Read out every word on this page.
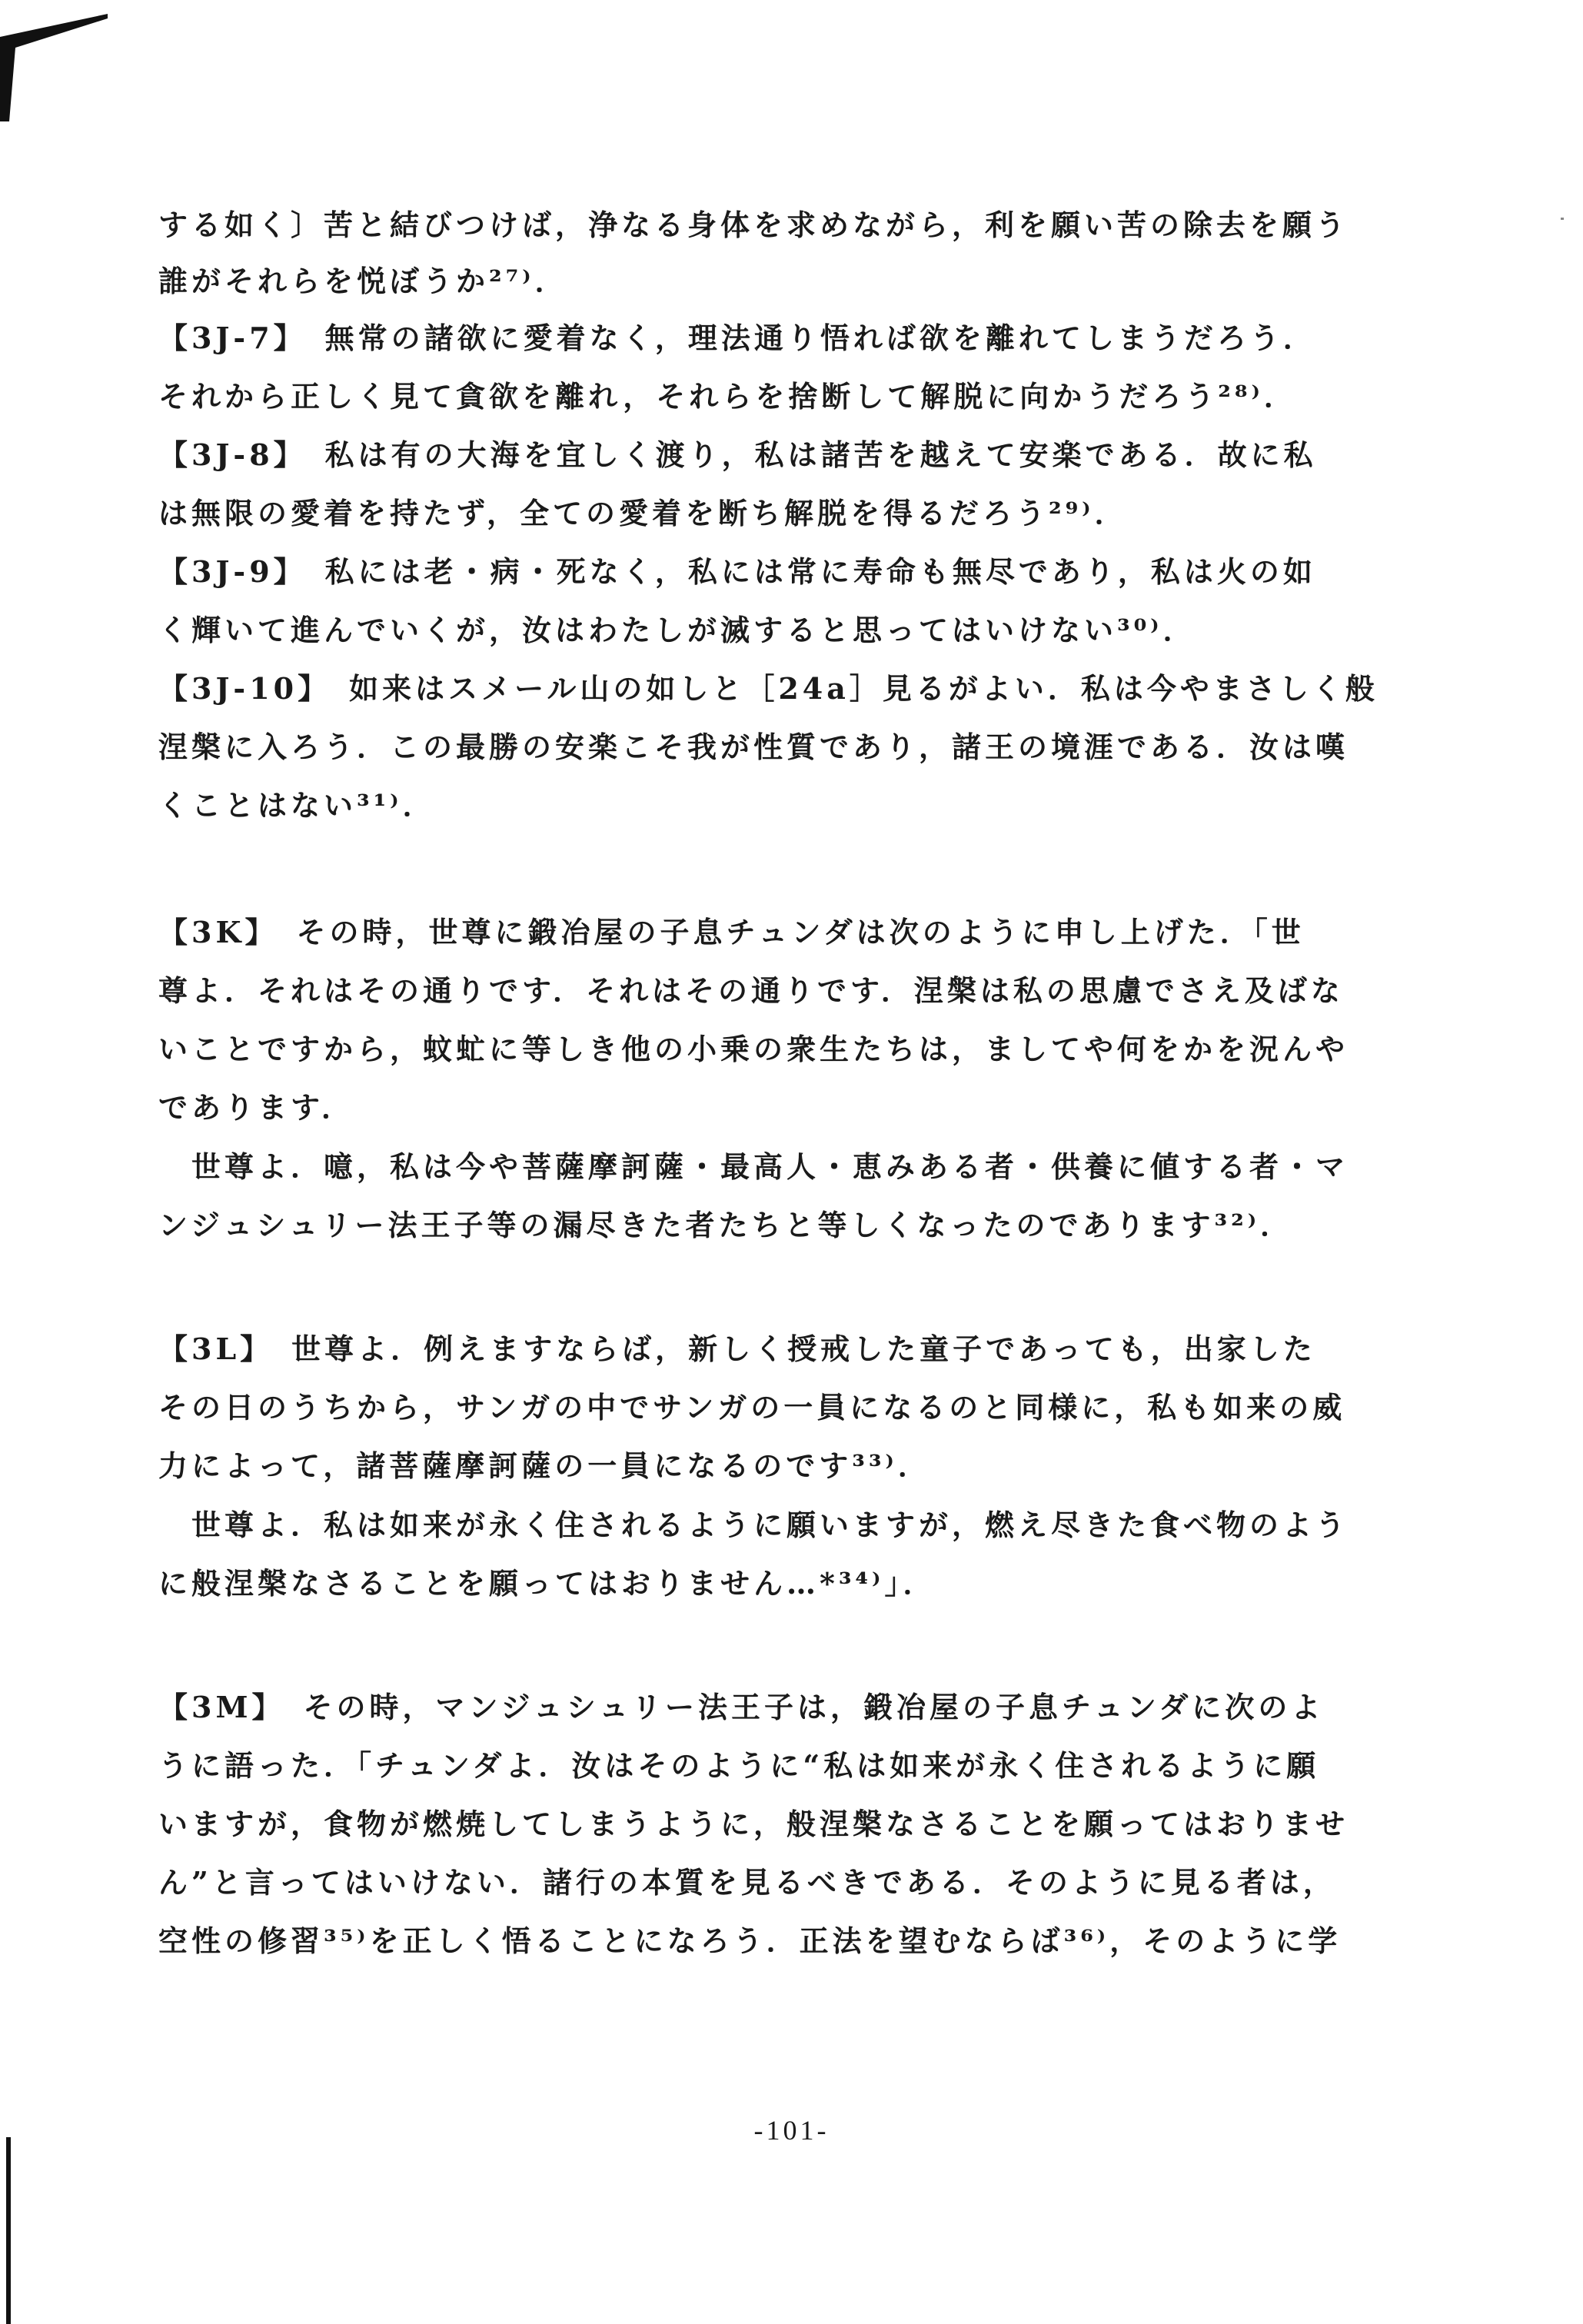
する如く〕苦と結びつけば，浄なる身体を求めながら，利を願い苦の除去を願う
誰がそれらを悦ぼうか²⁷⁾．
【3J-7】　無常の諸欲に愛着なく，理法通り悟れば欲を離れてしまうだろう．
それから正しく見て貪欲を離れ，それらを捨断して解脱に向かうだろう²⁸⁾．
【3J-8】　私は有の大海を宜しく渡り，私は諸苦を越えて安楽である．故に私
は無限の愛着を持たず，全ての愛着を断ち解脱を得るだろう²⁹⁾．
【3J-9】　私には老・病・死なく，私には常に寿命も無尽であり，私は火の如
く輝いて進んでいくが，汝はわたしが滅すると思ってはいけない³⁰⁾．
【3J-10】　如来はスメール山の如しと［24a］見るがよい．私は今やまさしく般
涅槃に入ろう．この最勝の安楽こそ我が性質であり，諸王の境涯である．汝は嘆
くことはない³¹⁾．
【3K】　その時，世尊に鍛冶屋の子息チュンダは次のように申し上げた．「世
尊よ．それはその通りです．それはその通りです．涅槃は私の思慮でさえ及ばな
いことですから，蚊虻に等しき他の小乗の衆生たちは，ましてや何をかを況んや
であります．
　世尊よ．噫，私は今や菩薩摩訶薩・最高人・恵みある者・供養に値する者・マ
ンジュシュリー法王子等の漏尽きた者たちと等しくなったのであります³²⁾．
【3L】　世尊よ．例えますならば，新しく授戒した童子であっても，出家した
その日のうちから，サンガの中でサンガの一員になるのと同様に，私も如来の威
力によって，諸菩薩摩訶薩の一員になるのです³³⁾．
　世尊よ．私は如来が永く住されるように願いますが，燃え尽きた食べ物のよう
に般涅槃なさることを願ってはおりません…*³⁴⁾」．
【3M】　その時，マンジュシュリー法王子は，鍛冶屋の子息チュンダに次のよ
うに語った．「チュンダよ．汝はそのように“私は如来が永く住されるように願
いますが，食物が燃焼してしまうように，般涅槃なさることを願ってはおりませ
ん”と言ってはいけない．諸行の本質を見るべきである．そのように見る者は，
空性の修習³⁵⁾を正しく悟ることになろう．正法を望むならば³⁶⁾，そのように学
-101-
